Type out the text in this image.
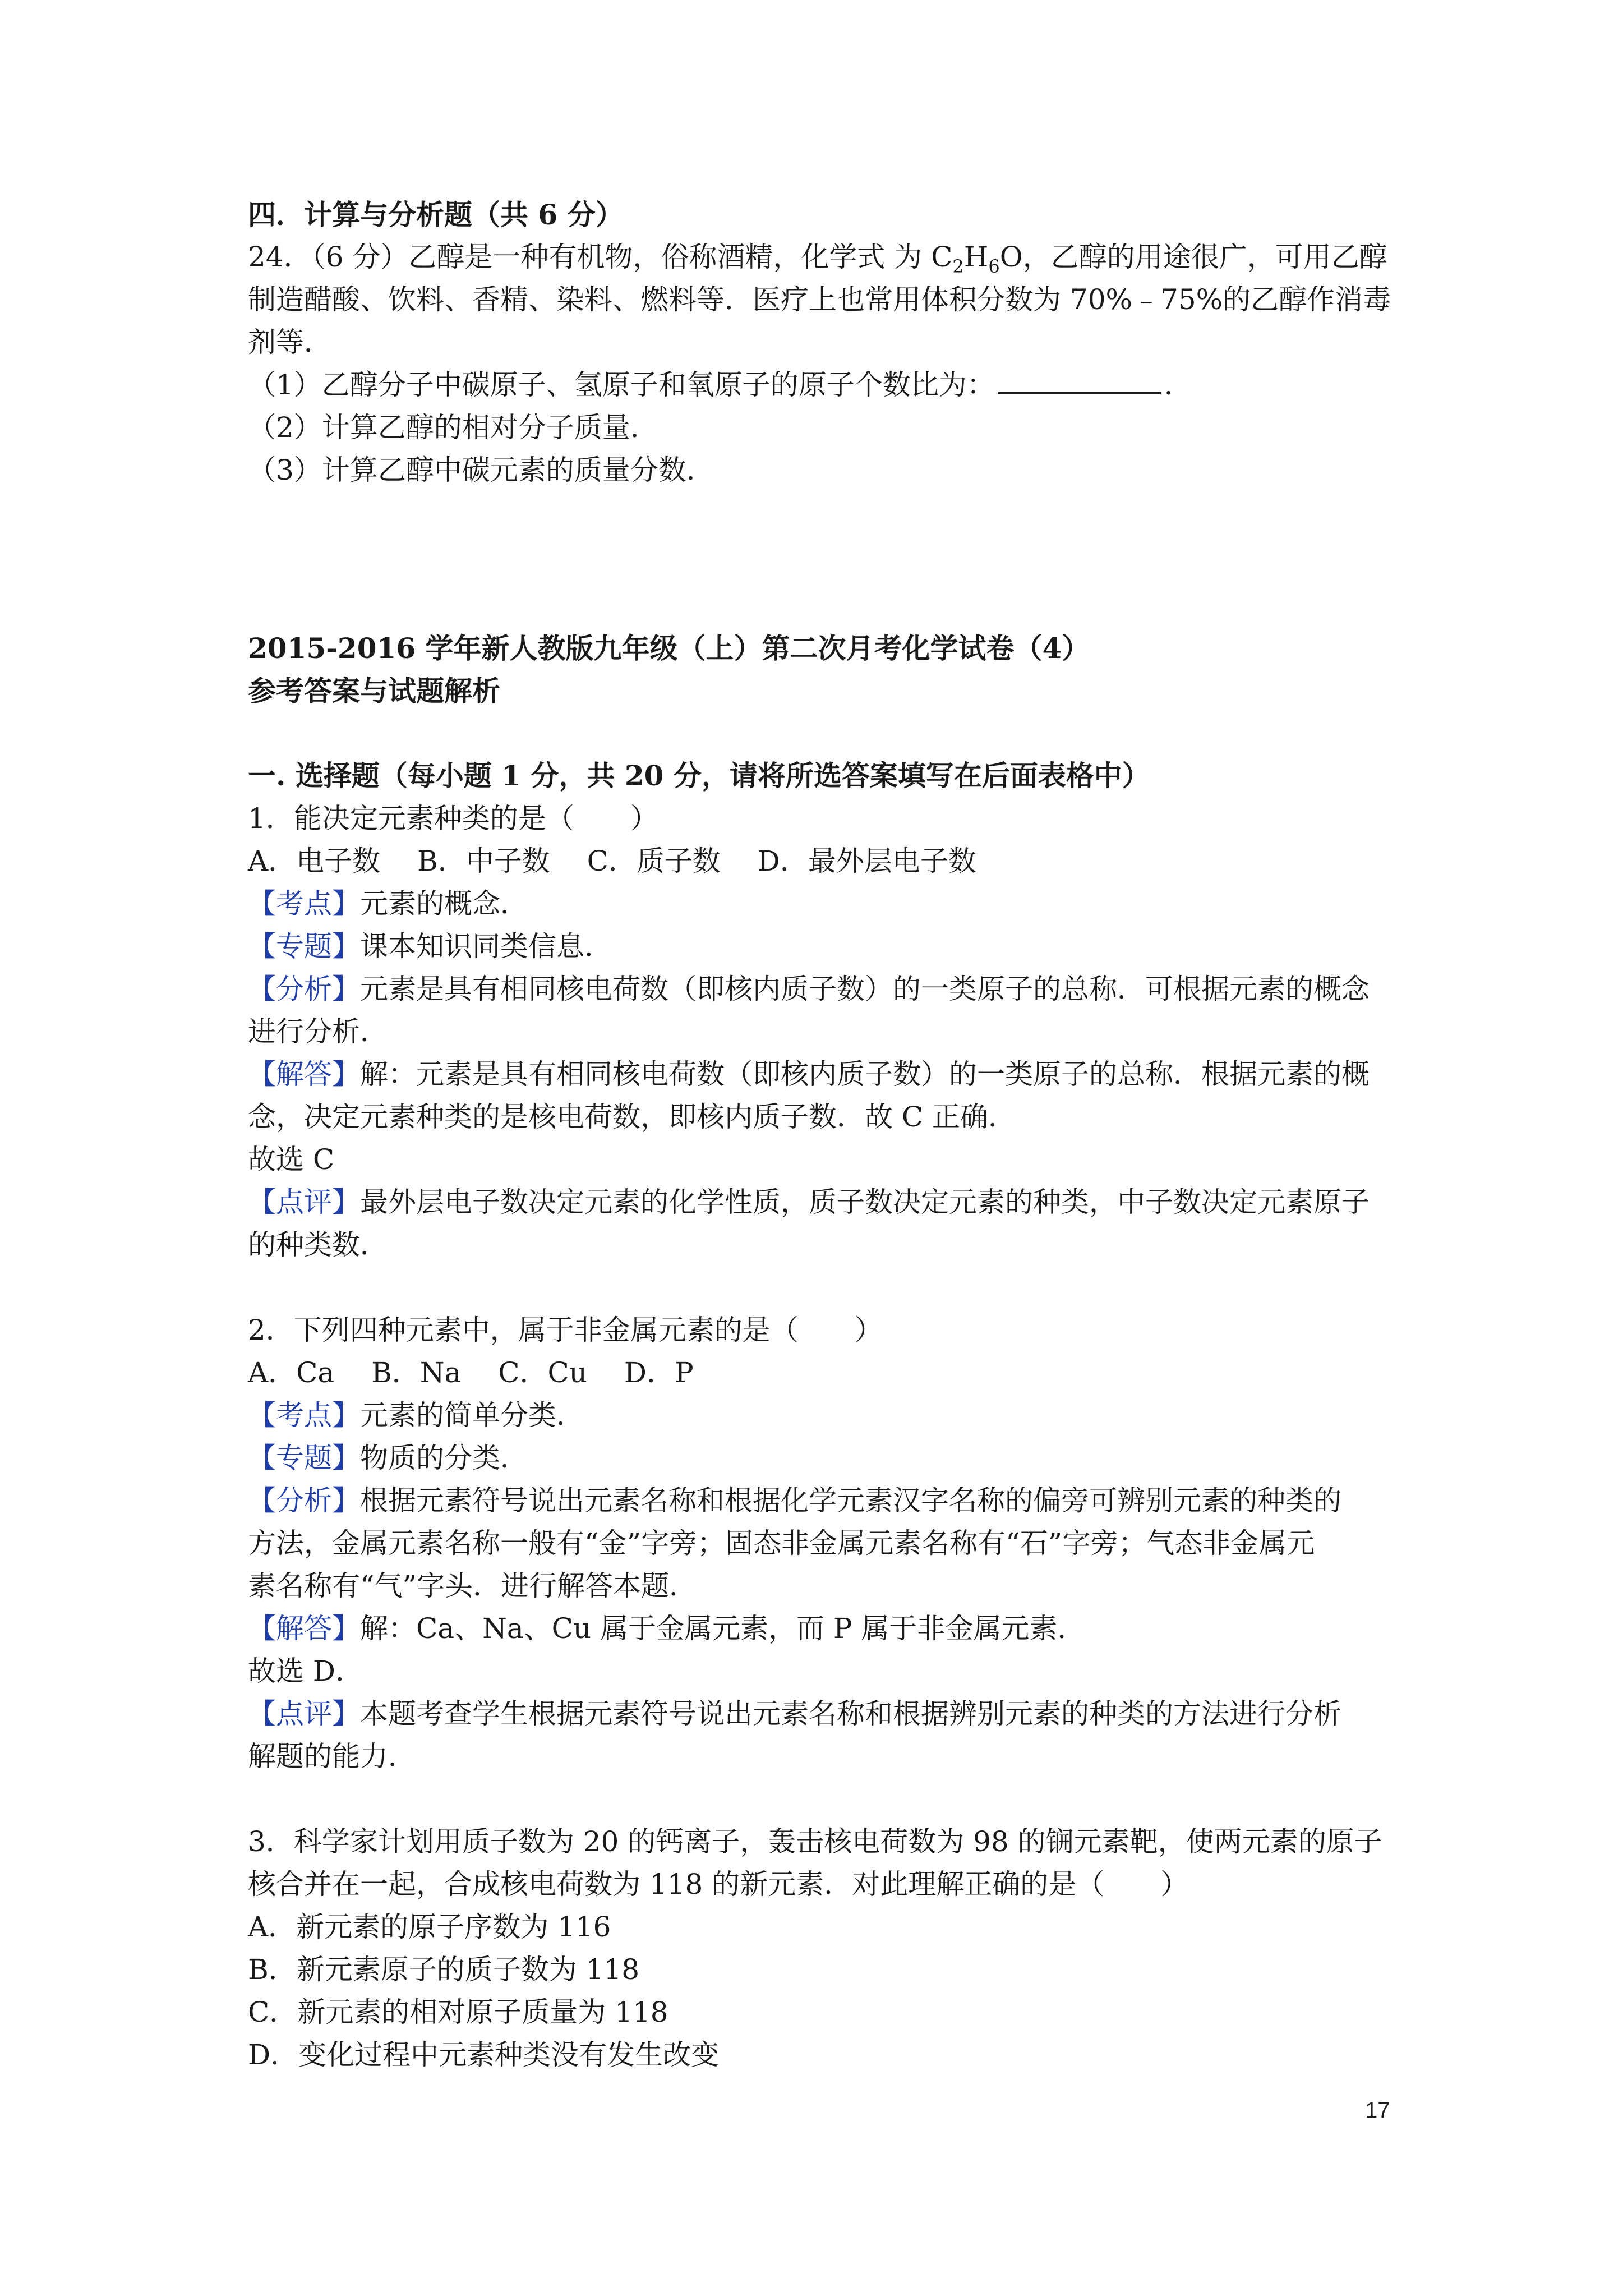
四．计算与分析题（共 6 分）
24．（6 分）乙醇是一种有机物，俗称酒精，化学式 为 $C_2H_6O$，乙醇的用途很广，可用乙醇
制造醋酸、饮料、香精、染料、燃料等．医疗上也常用体积分数为 70%﹣75%的乙醇作消毒
剂等．
（1）乙醇分子中碳原子、氢原子和氧原子的原子个数比为：	．
（2）计算乙醇的相对分子质量．
（3）计算乙醇中碳元素的质量分数．
2015-2016 学年新人教版九年级（上）第二次月考化学试卷（4）
参考答案与试题解析
一. 选择题（每小题 1 分，共 20 分，请将所选答案填写在后面表格中）
1．能决定元素种类的是（　　）
A．电子数　 B．中子数　 C．质子数　 D．最外层电子数
【考点】元素的概念．
【专题】课本知识同类信息．
【分析】元素是具有相同核电荷数（即核内质子数）的一类原子的总称．可根据元素的概念
进行分析．
【解答】解：元素是具有相同核电荷数（即核内质子数）的一类原子的总称．根据元素的概
念，决定元素种类的是核电荷数，即核内质子数．故 C 正确．
故选 C
【点评】最外层电子数决定元素的化学性质，质子数决定元素的种类，中子数决定元素原子
的种类数．
2．下列四种元素中，属于非金属元素的是（　　）
A．Ca　 B．Na　 C．Cu　 D．P
【考点】元素的简单分类．
【专题】物质的分类．
【分析】根据元素符号说出元素名称和根据化学元素汉字名称的偏旁可辨别元素的种类的
方法，金属元素名称一般有“金”字旁；固态非金属元素名称有“石”字旁；气态非金属元
素名称有“气”字头．进行解答本题．
【解答】解：Ca、Na、Cu 属于金属元素，而 P 属于非金属元素．
故选 D．
【点评】本题考查学生根据元素符号说出元素名称和根据辨别元素的种类的方法进行分析
解题的能力．
3．科学家计划用质子数为 20 的钙离子，轰击核电荷数为 98 的锎元素靶，使两元素的原子
核合并在一起，合成核电荷数为 118 的新元素．对此理解正确的是（　　）
A．新元素的原子序数为 116
B．新元素原子的质子数为 118
C．新元素的相对原子质量为 118
D．变化过程中元素种类没有发生改变
17
